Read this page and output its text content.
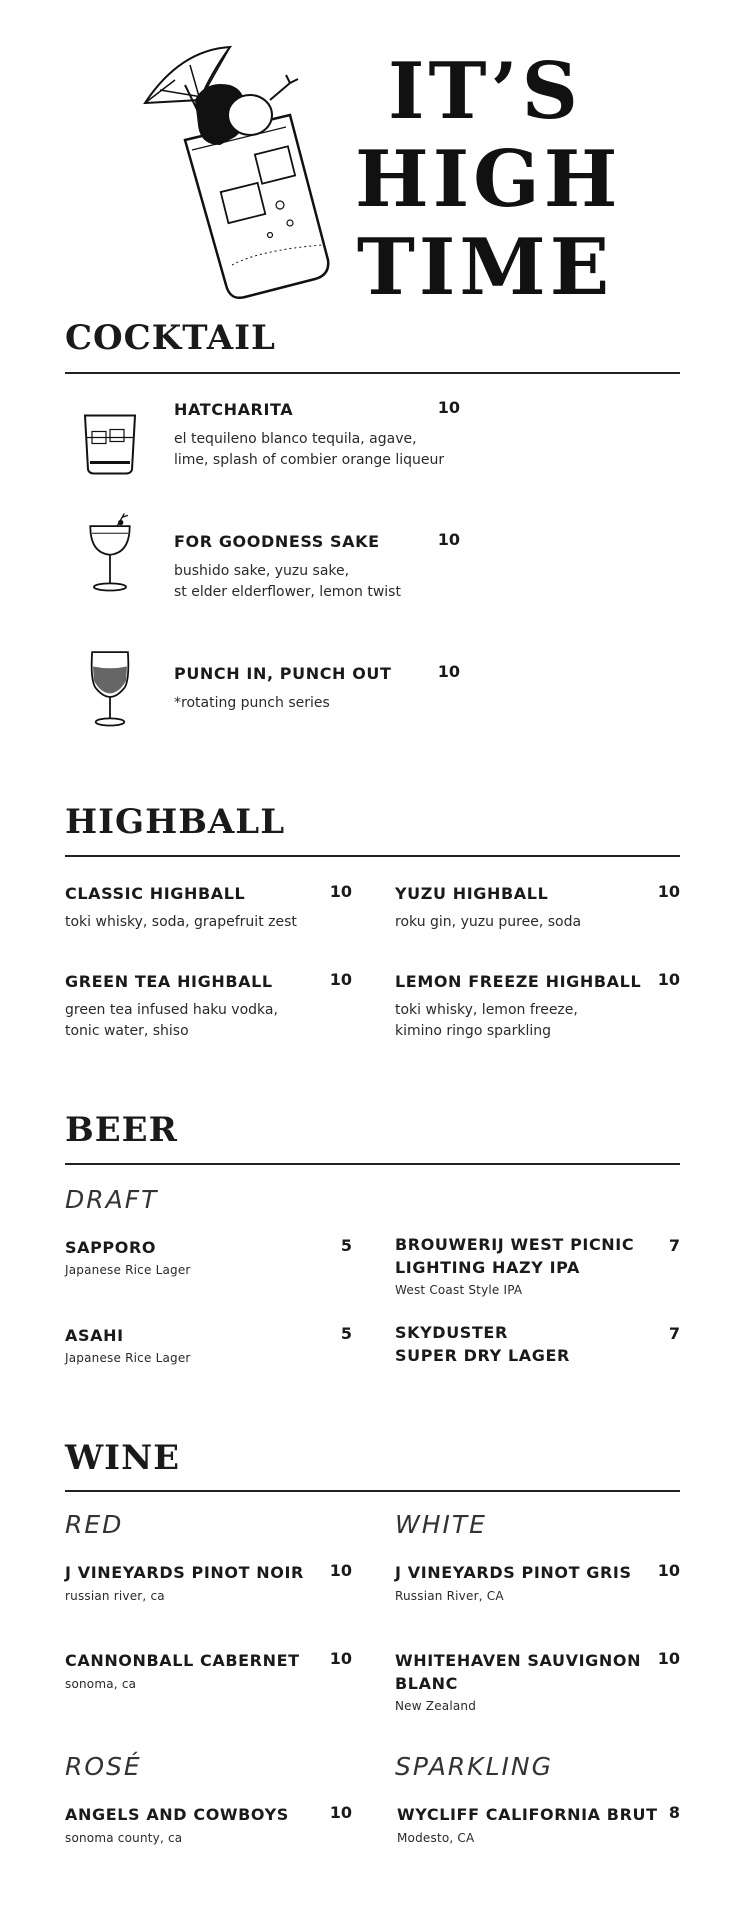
IT’S
HIGH
TIME
COCKTAIL
HATCHARITA	10
el tequileno blanco tequila, agave,
lime, splash of combier orange liqueur
FOR GOODNESS SAKE	10
bushido sake, yuzu sake,
st elder elderflower, lemon twist
PUNCH IN, PUNCH OUT	10
*rotating punch series
HIGHBALL
CLASSIC HIGHBALL	10
toki whisky, soda, grapefruit zest
YUZU HIGHBALL	10
roku gin, yuzu puree, soda
GREEN TEA HIGHBALL	10
green tea infused haku vodka,
tonic water, shiso
LEMON FREEZE HIGHBALL	10
toki whisky, lemon freeze,
kimino ringo sparkling
BEER
DRAFT
SAPPORO	5
Japanese Rice Lager
BROUWERIJ WEST PICNIC
LIGHTING HAZY IPA
7
West Coast Style IPA
ASAHI	5
Japanese Rice Lager
SKYDUSTER
SUPER DRY LAGER
7
WINE
RED	WHITE
J VINEYARDS PINOT NOIR	10
russian river, ca
J VINEYARDS PINOT GRIS	10
Russian River, CA
CANNONBALL CABERNET	10
sonoma, ca
WHITEHAVEN SAUVIGNON
BLANC
10
New Zealand
ROSÉ	SPARKLING
ANGELS AND COWBOYS	10
sonoma county, ca
WYCLIFF CALIFORNIA BRUT 8
Modesto, CA
